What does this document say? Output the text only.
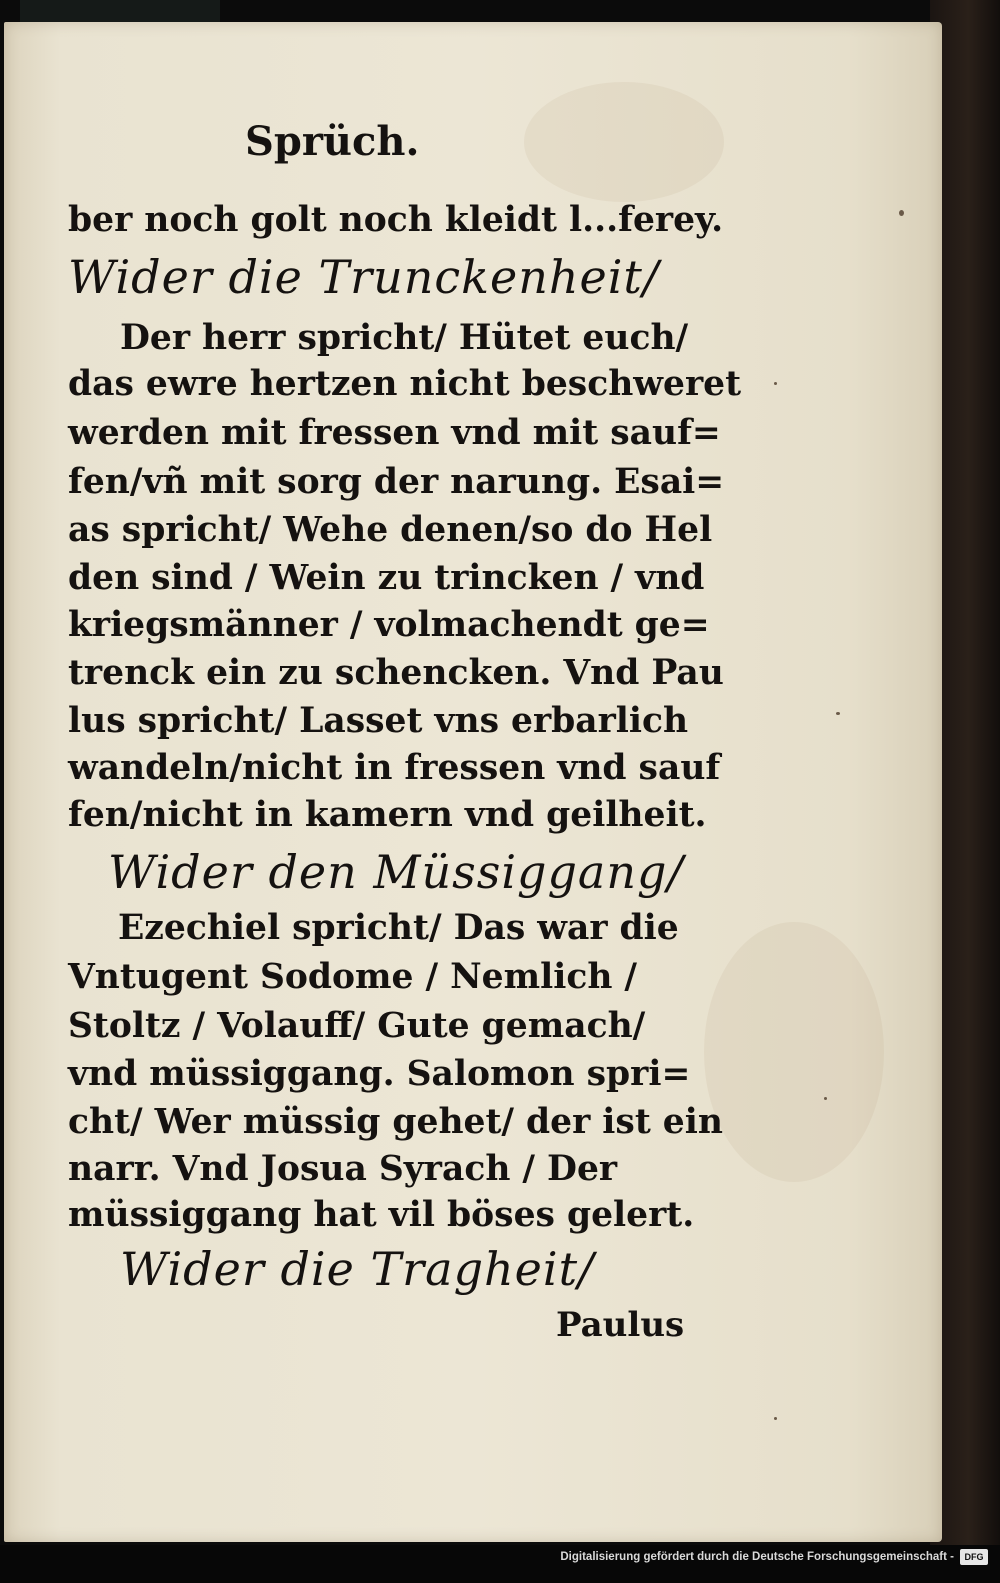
Sprüch.
ber noch golt noch kleidt l...ferey.
Wider die Trunckenheit/
Der herr spricht/ Hütet euch/
das ewre hertzen nicht beschweret
werden mit fressen vnd mit sauf=
fen/vñ mit sorg der narung. Esai=
as spricht/ Wehe denen/so do Hel
den sind / Wein zu trincken / vnd
kriegsmänner / volmachendt ge=
trenck ein zu schencken. Vnd Pau
lus spricht/ Lasset vns erbarlich
wandeln/nicht in fressen vnd sauf
fen/nicht in kamern vnd geilheit.
Wider den Müssiggang/
Ezechiel spricht/ Das war die
Vntugent Sodome / Nemlich /
Stoltz / Volauff/ Gute gemach/
vnd müssiggang. Salomon spri=
cht/ Wer müssig gehet/ der ist ein
narr. Vnd Josua Syrach / Der
müssiggang hat vil böses gelert.
Wider die Tragheit/
Paulus
Digitalisierung gefördert durch die Deutsche Forschungsgemeinschaft -	DFG
